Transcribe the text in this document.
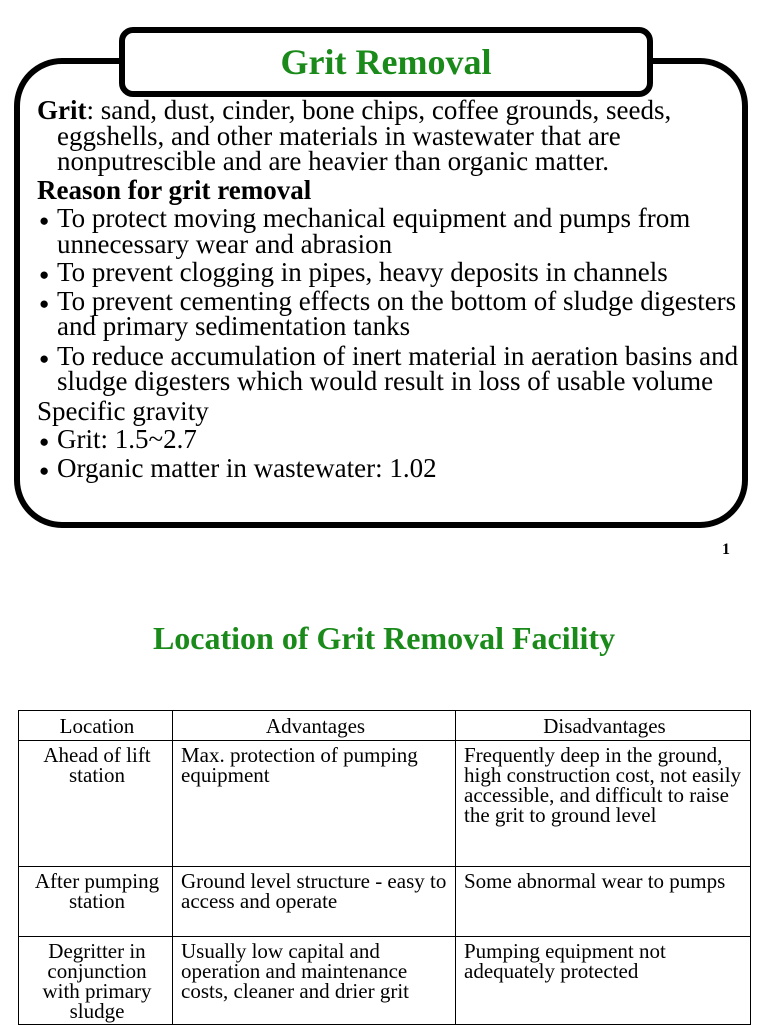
Grit Removal

Grit: sand, dust, cinder, bone chips, coffee grounds, seeds, eggshells, and other materials in wastewater that are nonputrescible and are heavier than organic matter.

Reason for grit removal

● To protect moving mechanical equipment and pumps from unnecessary wear and abrasion
● To prevent clogging in pipes, heavy deposits in channels
● To prevent cementing effects on the bottom of sludge digesters and primary sedimentation tanks
● To reduce accumulation of inert material in aeration basins and sludge digesters which would result in loss of usable volume

Specific gravity

● Grit: 1.5~2.7
● Organic matter in wastewater: 1.02
1
Location of Grit Removal Facility
Location	Advantages	Disadvantages
Ahead of lift station	Max. protection of pumping equipment	Frequently deep in the ground, high construction cost, not easily accessible, and difficult to raise the grit to ground level
After pumping station	Ground level structure - easy to access and operate	Some abnormal wear to pumps
Degritter in conjunction with primary sludge	Usually low capital and operation and maintenance costs, cleaner and drier grit	Pumping equipment not adequately protected
